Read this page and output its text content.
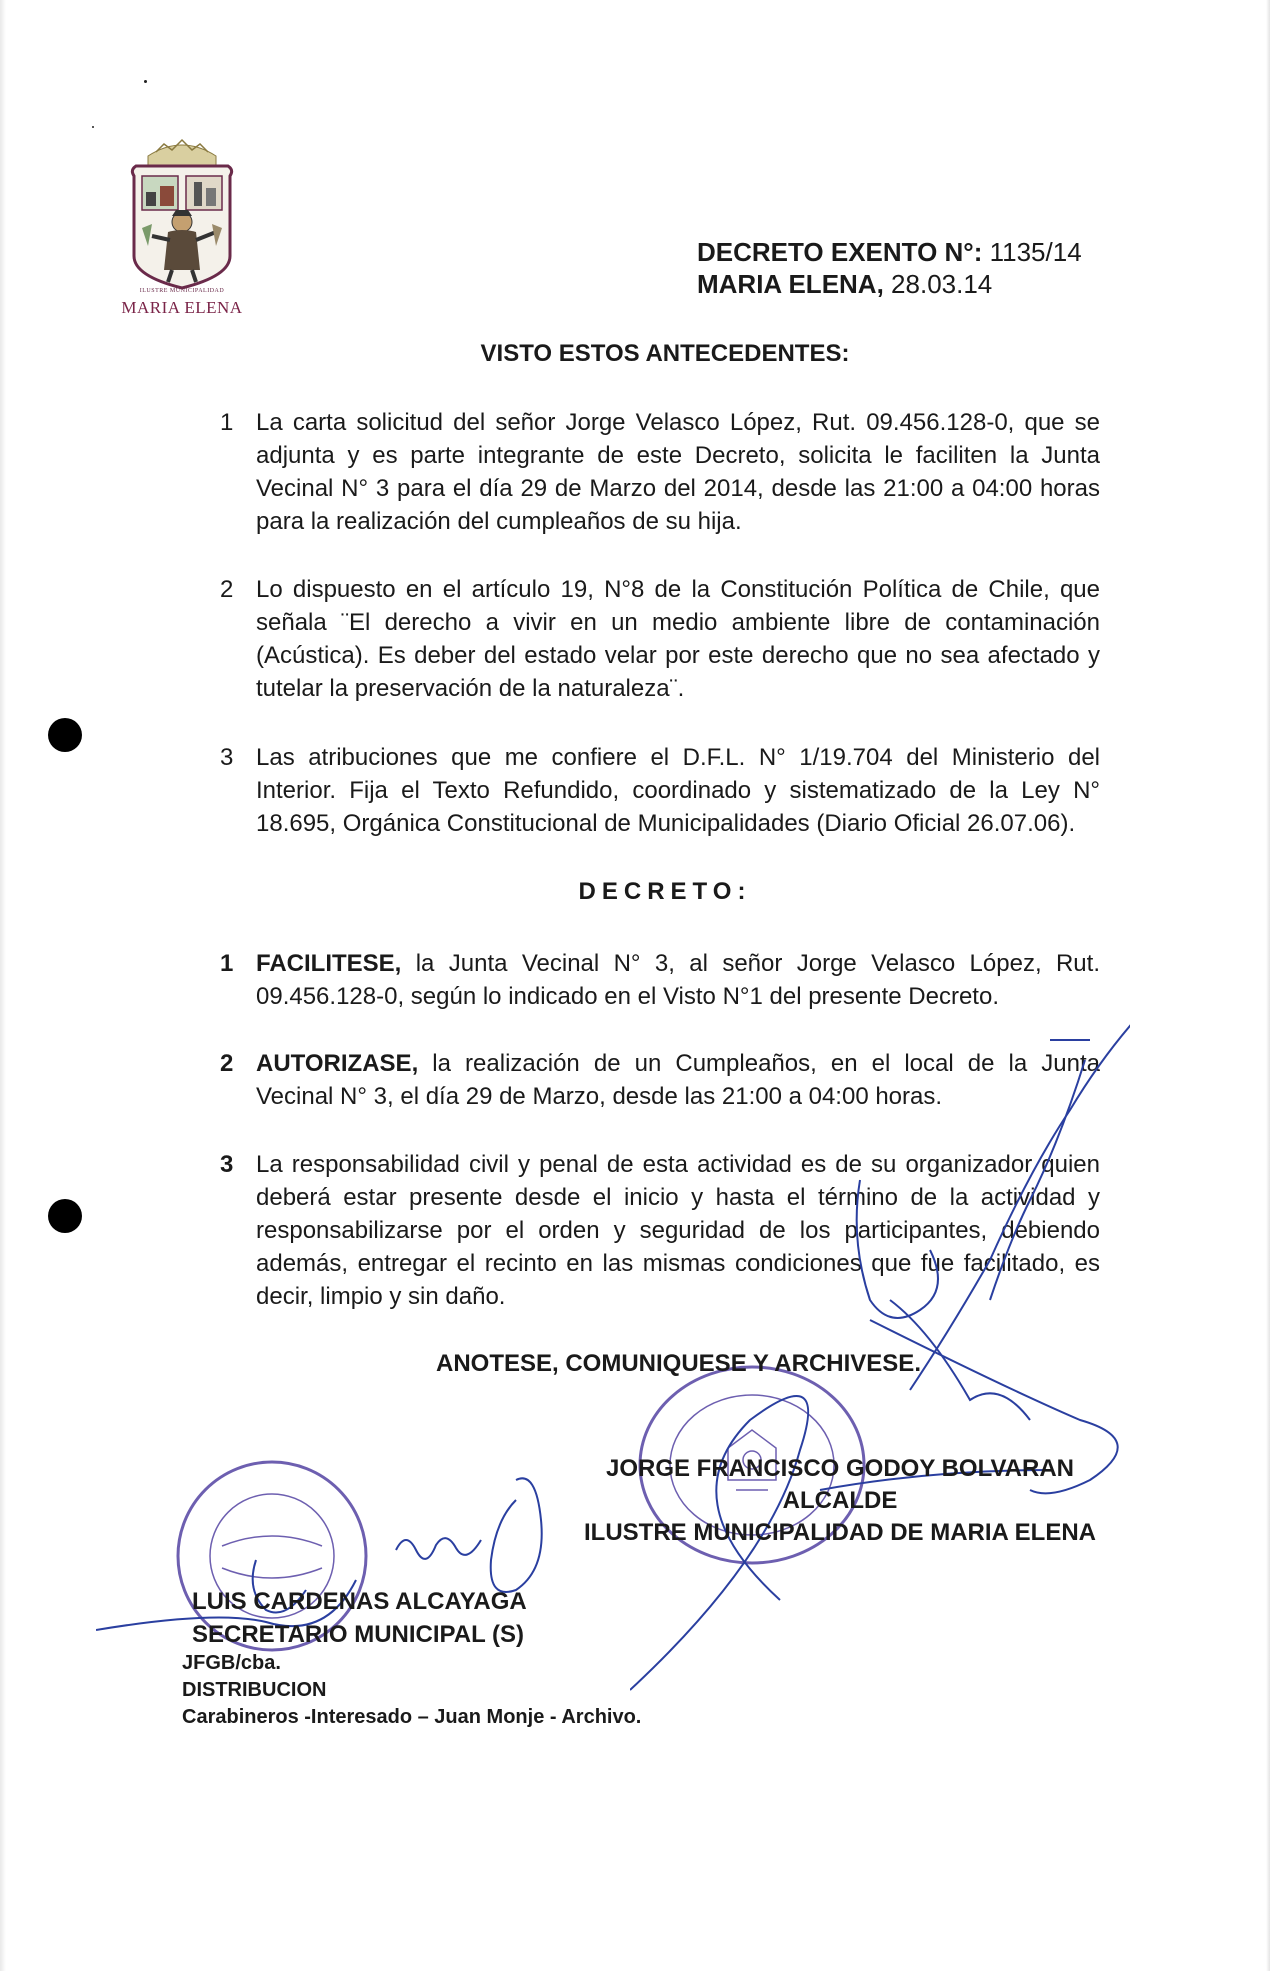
ILUSTRE MUNICIPALIDAD
MARIA ELENA
DECRETO EXENTO N°: 1135/14
MARIA ELENA, 28.03.14
VISTO ESTOS ANTECEDENTES:
1 La carta solicitud del señor Jorge Velasco López, Rut. 09.456.128-0, que se adjunta y es parte integrante de este Decreto, solicita le faciliten la Junta Vecinal N° 3 para el día 29 de Marzo del 2014, desde las 21:00 a 04:00 horas para la realización del cumpleaños de su hija.
2 Lo dispuesto en el artículo 19, N°8 de la Constitución Política de Chile, que señala ¨El derecho a vivir en un medio ambiente libre de contaminación (Acústica). Es deber del estado velar por este derecho que no sea afectado y tutelar la preservación de la naturaleza¨.
3 Las atribuciones que me confiere el D.F.L. N° 1/19.704 del Ministerio del Interior. Fija el Texto Refundido, coordinado y sistematizado de la Ley N° 18.695, Orgánica Constitucional de Municipalidades (Diario Oficial 26.07.06).
DECRETO:
1 FACILITESE, la Junta Vecinal N° 3, al señor Jorge Velasco López, Rut. 09.456.128-0, según lo indicado en el Visto N°1 del presente Decreto.
2 AUTORIZASE, la realización de un Cumpleaños, en el local de la Junta Vecinal N° 3, el día 29 de Marzo, desde las 21:00 a 04:00 horas.
3 La responsabilidad civil y penal de esta actividad es de su organizador quien deberá estar presente desde el inicio y hasta el término de la actividad y responsabilizarse por el orden y seguridad de los participantes, debiendo además, entregar el recinto en las mismas condiciones que fue facilitado, es decir, limpio y sin daño.
ANOTESE, COMUNIQUESE Y ARCHIVESE.
JORGE FRANCISCO GODOY BOLVARAN
ALCALDE
ILUSTRE MUNICIPALIDAD DE MARIA ELENA
LUIS CARDENAS ALCAYAGA
SECRETARIO MUNICIPAL (S)
JFGB/cba.
DISTRIBUCION
Carabineros -Interesado – Juan Monje - Archivo.
